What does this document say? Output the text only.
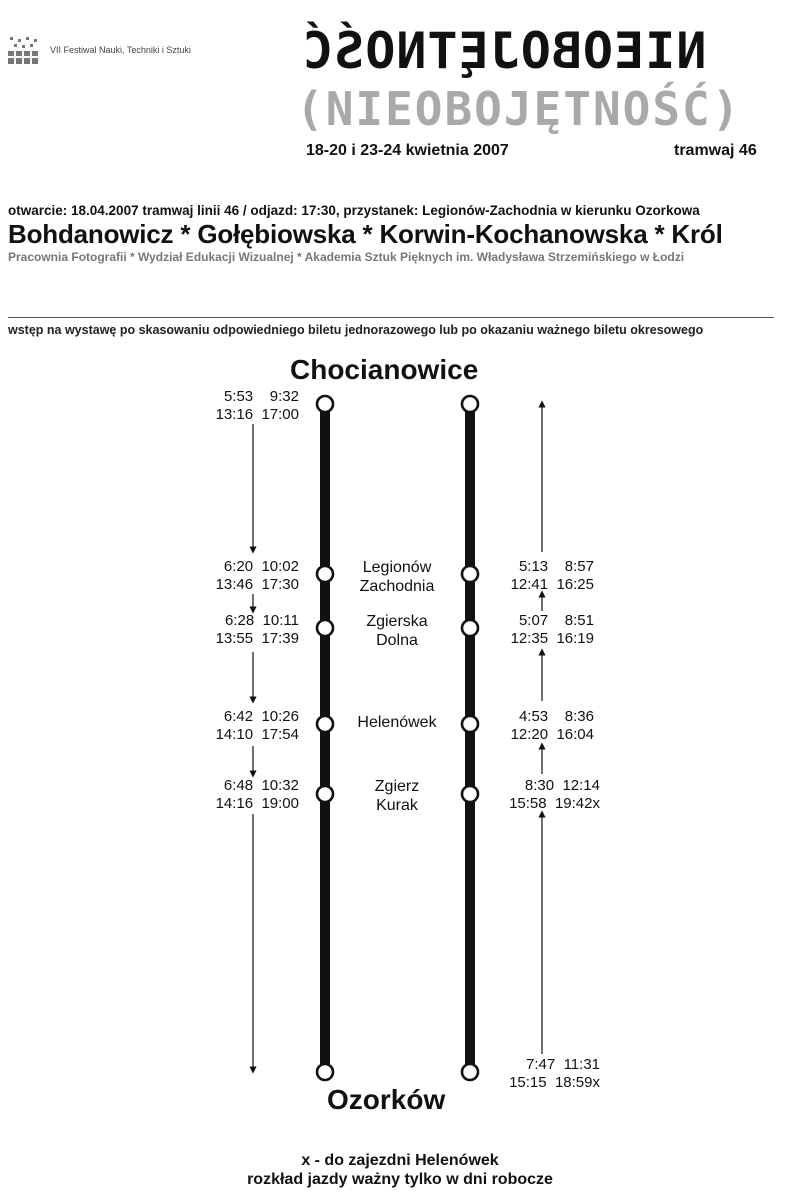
VII Festiwal Nauki, Techniki i Sztuki NIEOBOJĘTNOŚĆ
(NIEOBOJĘTNOŚĆ)
18-20 i 23-24 kwietnia 2007	tramwaj 46
otwarcie: 18.04.2007 tramwaj linii 46 / odjazd: 17:30, przystanek: Legionów-Zachodnia w kierunku Ozorkowa
Bohdanowicz * Gołębiowska * Korwin-Kochanowska * Król
Pracownia Fotografii * Wydział Edukacji Wizualnej * Akademia Sztuk Pięknych im. Władysława Strzemińskiego w Łodzi
wstęp na wystawę po skasowaniu odpowiedniego biletu jednorazowego lub po okazaniu ważnego biletu okresowego
Chocianowice
Ozorków
5:53    9:32
13:16  17:00
6:20  10:02
13:46  17:30
Legionów
Zachodnia
5:13    8:57
12:41  16:25
6:28  10:11
13:55  17:39
Zgierska
Dolna
5:07    8:51
12:35  16:19
6:42  10:26
14:10  17:54
Helenówek	4:53    8:36
12:20  16:04
6:48  10:32
14:16  19:00
Zgierz
Kurak
8:30  12:14
15:58  19:42x
7:47  11:31
15:15  18:59x
x - do zajezdni Helenówek
rozkład jazdy ważny tylko w dni robocze
